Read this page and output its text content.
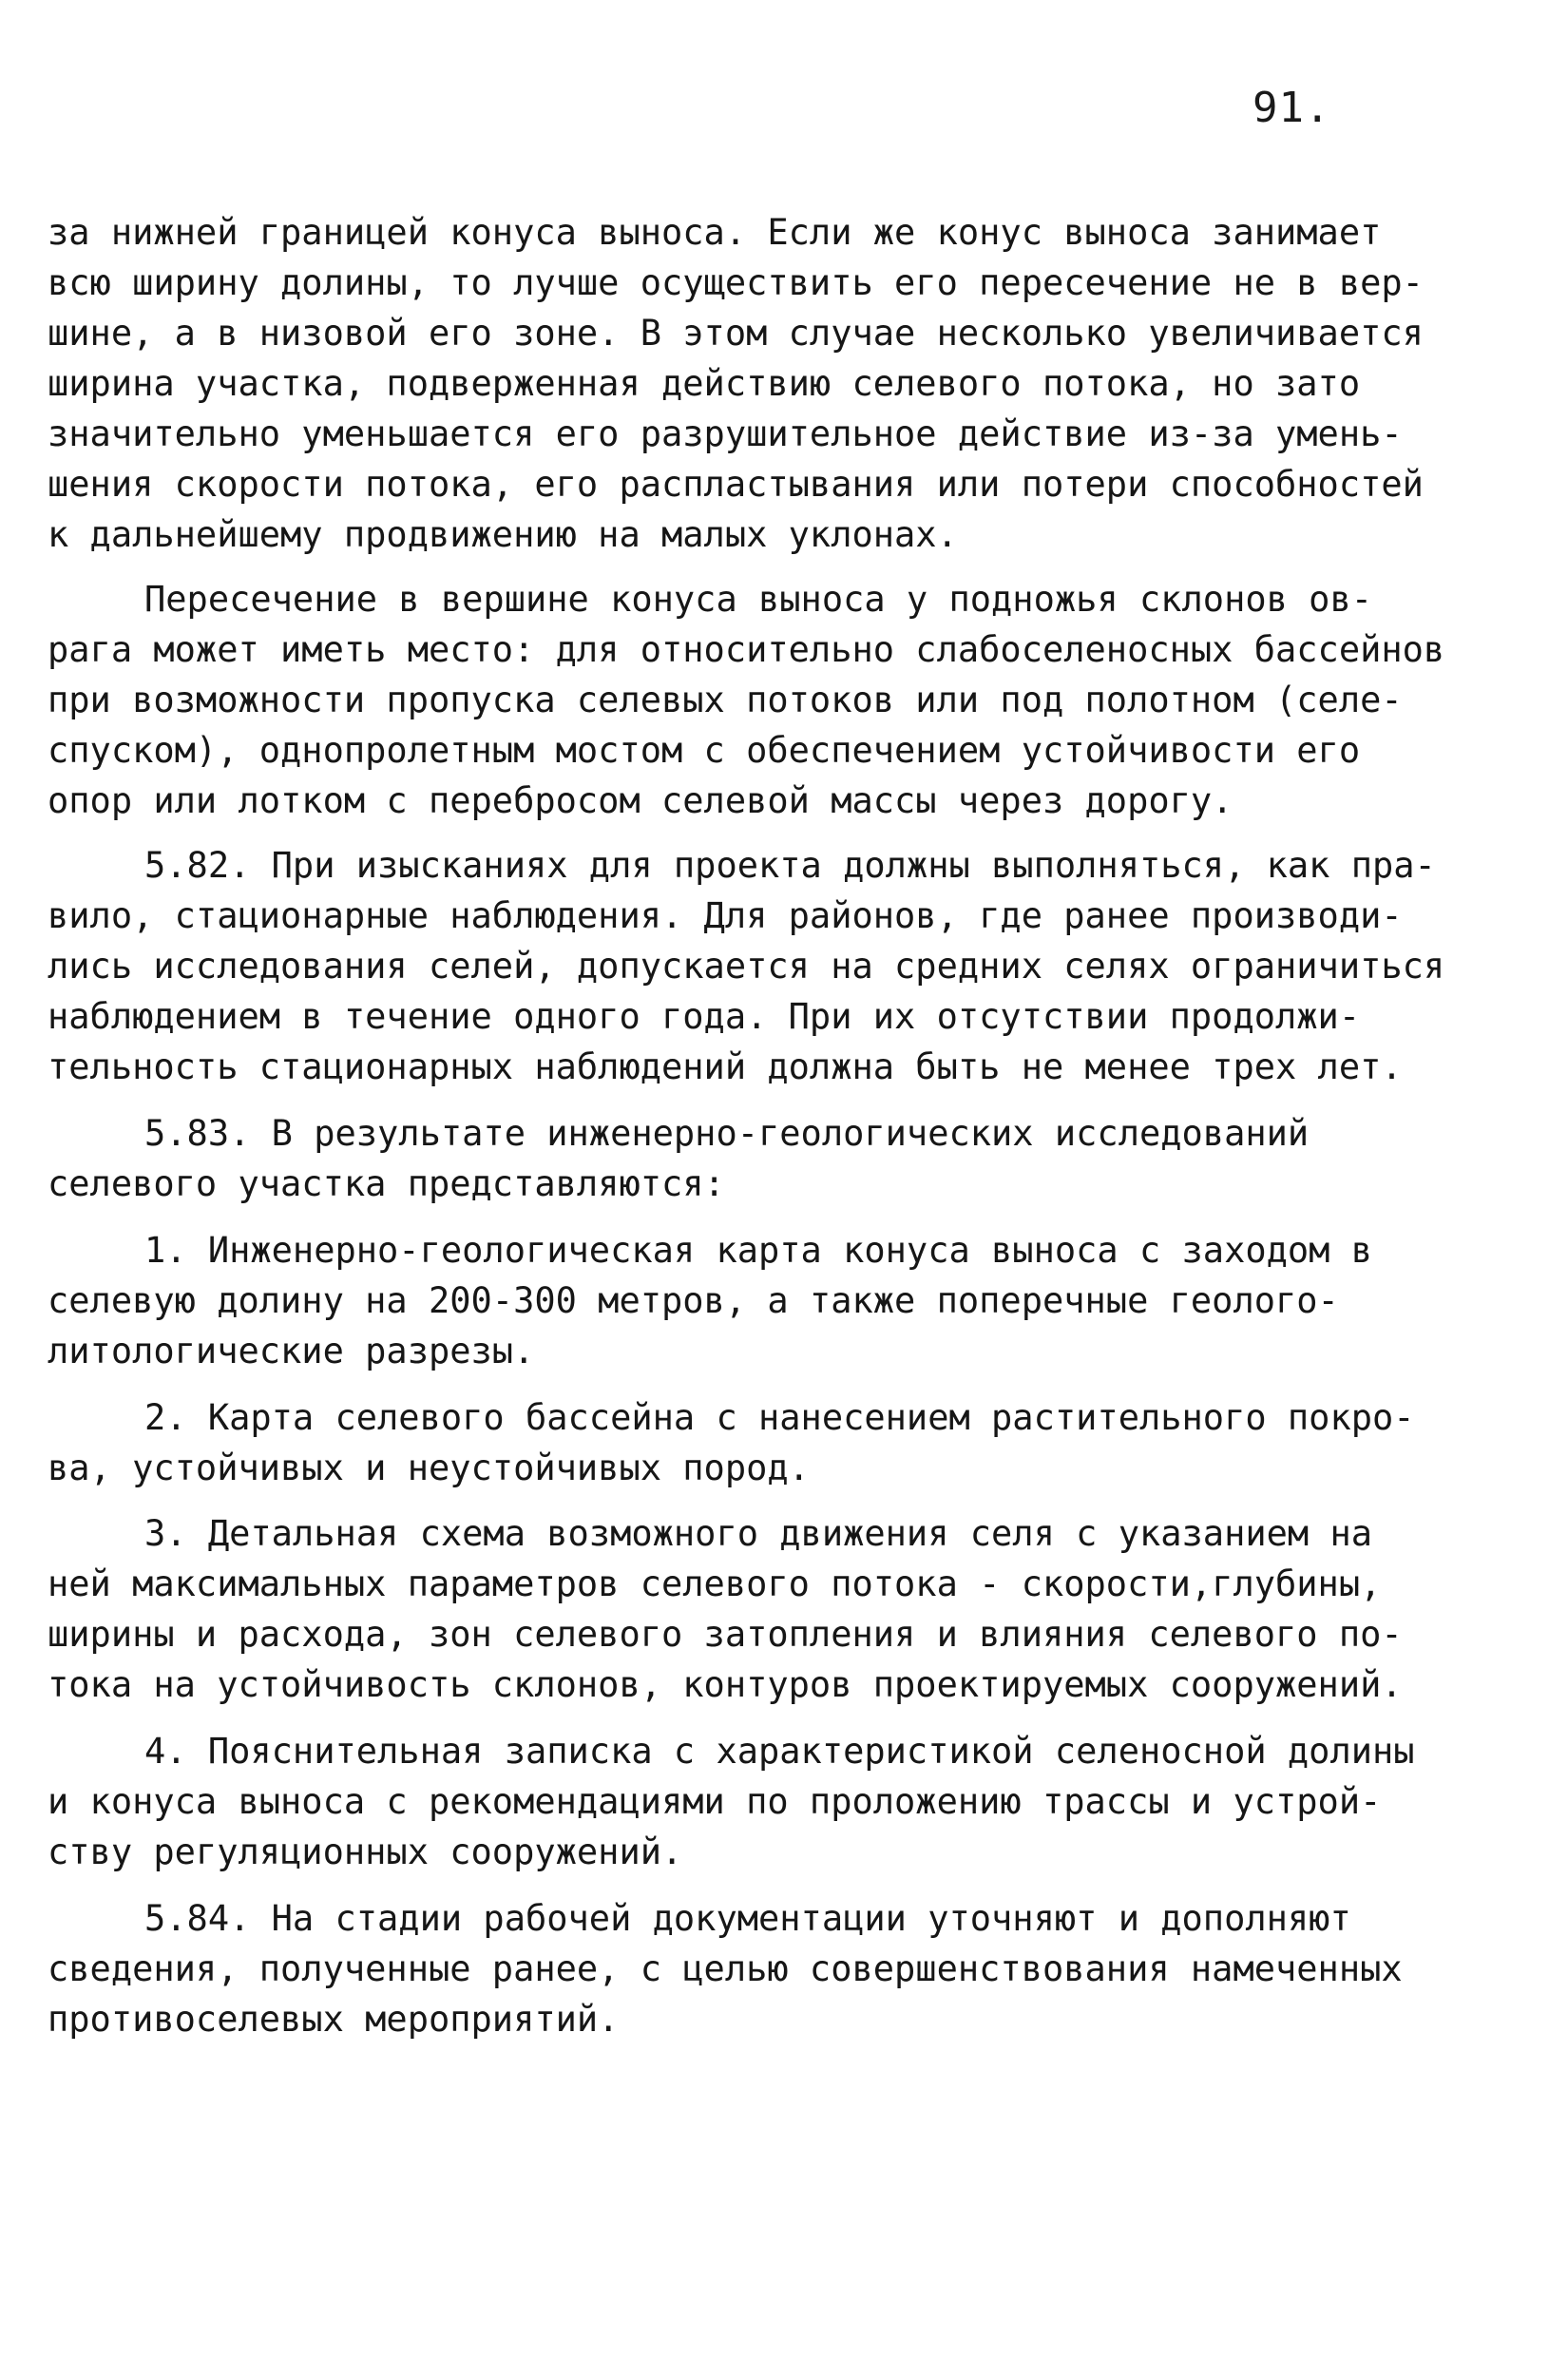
91.
за нижней границей конуса выноса. Если же конус выноса занимает
всю ширину долины, то лучше осуществить его пересечение не в вер-
шине, а в низовой его зоне. В этом случае несколько увеличивается
ширина участка, подверженная действию селевого потока, но зато
значительно уменьшается его разрушительное действие из-за умень-
шения скорости потока, его распластывания или потери способностей
к дальнейшему продвижению на малых уклонах.
Пересечение в вершине конуса выноса у подножья склонов ов-
рага может иметь место: для относительно слабоселеносных бассейнов
при возможности пропуска селевых потоков или под полотном (селе-
спуском), однопролетным мостом с обеспечением устойчивости его
опор или лотком с перебросом селевой массы через дорогу.
5.82. При изысканиях для проекта должны выполняться, как пра-
вило, стационарные наблюдения. Для районов, где ранее производи-
лись исследования селей, допускается на средних селях ограничиться
наблюдением в течение одного года. При их отсутствии продолжи-
тельность стационарных наблюдений должна быть не менее трех лет.
5.83. В результате инженерно-геологических исследований
селевого участка представляются:
1. Инженерно-геологическая карта конуса выноса с заходом в
селевую долину на 200-300 метров, а также поперечные геолого-
литологические разрезы.
2. Карта селевого бассейна с нанесением растительного покро-
ва, устойчивых и неустойчивых пород.
3. Детальная схема возможного движения селя с указанием на
ней максимальных параметров селевого потока - скорости,глубины,
ширины и расхода, зон селевого затопления и влияния селевого по-
тока на устойчивость склонов, контуров проектируемых сооружений.
4. Пояснительная записка с характеристикой селеносной долины
и конуса выноса с рекомендациями по проложению трассы и устрой-
ству регуляционных сооружений.
5.84. На стадии рабочей документации уточняют и дополняют
сведения, полученные ранее, с целью совершенствования намеченных
противоселевых мероприятий.
